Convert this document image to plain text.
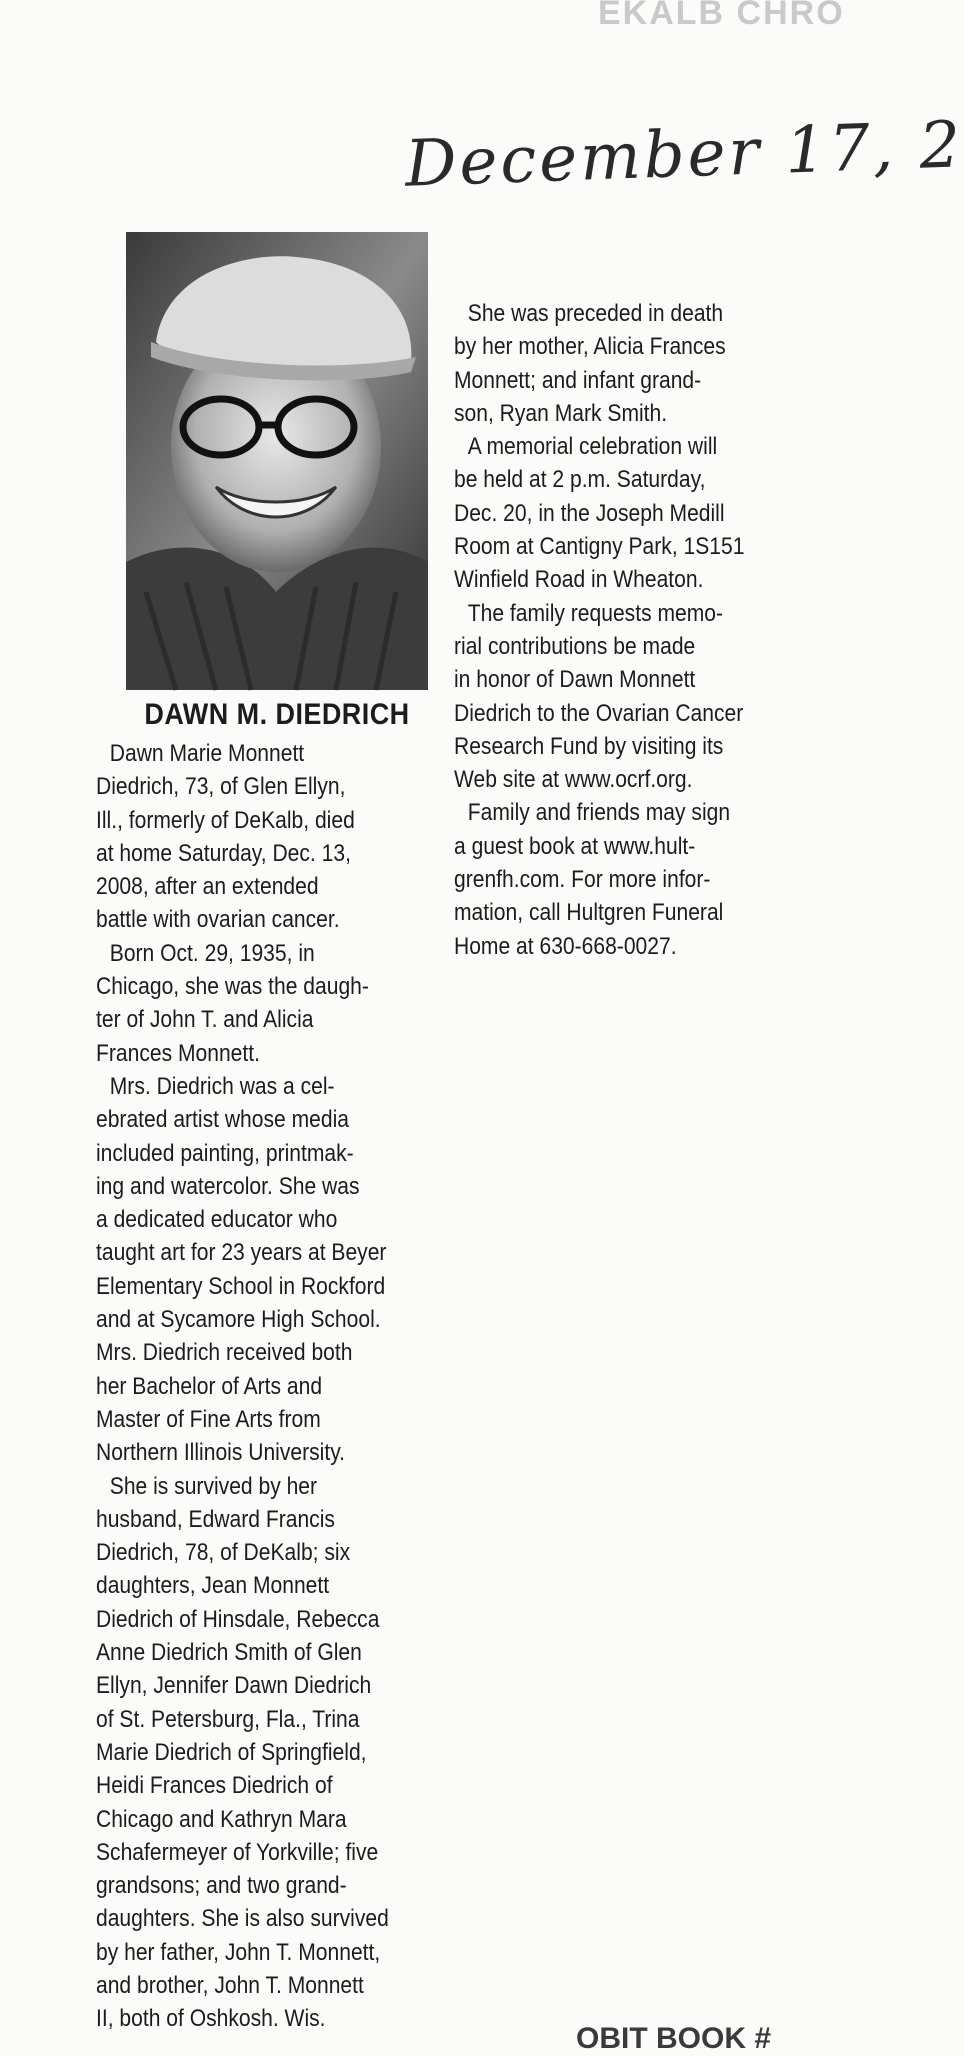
EKALB CHRO
December 17, 2
DAWN M. DIEDRICH

Dawn Marie Monnett
Diedrich, 73, of Glen Ellyn,
Ill., formerly of DeKalb, died
at home Saturday, Dec. 13,
2008, after an extended
battle with ovarian cancer.

Born Oct. 29, 1935, in
Chicago, she was the daugh-
ter of John T. and Alicia
Frances Monnett.

Mrs. Diedrich was a cel-
ebrated artist whose media
included painting, printmak-
ing and watercolor. She was
a dedicated educator who
taught art for 23 years at Beyer
Elementary School in Rockford
and at Sycamore High School.
Mrs. Diedrich received both
her Bachelor of Arts and
Master of Fine Arts from
Northern Illinois University.

She is survived by her
husband, Edward Francis
Diedrich, 78, of DeKalb; six
daughters, Jean Monnett
Diedrich of Hinsdale, Rebecca
Anne Diedrich Smith of Glen
Ellyn, Jennifer Dawn Diedrich
of St. Petersburg, Fla., Trina
Marie Diedrich of Springfield,
Heidi Frances Diedrich of
Chicago and Kathryn Mara
Schafermeyer of Yorkville; five
grandsons; and two grand-
daughters. She is also survived
by her father, John T. Monnett,
and brother, John T. Monnett
II, both of Oshkosh. Wis.

She was preceded in death
by her mother, Alicia Frances
Monnett; and infant grand-
son, Ryan Mark Smith.

A memorial celebration will
be held at 2 p.m. Saturday,
Dec. 20, in the Joseph Medill
Room at Cantigny Park, 1S151
Winfield Road in Wheaton.

The family requests memo-
rial contributions be made
in honor of Dawn Monnett
Diedrich to the Ovarian Cancer
Research Fund by visiting its
Web site at www.ocrf.org.

Family and friends may sign
a guest book at www.hult-
grenfh.com. For more infor-
mation, call Hultgren Funeral
Home at 630-668-0027.

OBIT BOOK #
